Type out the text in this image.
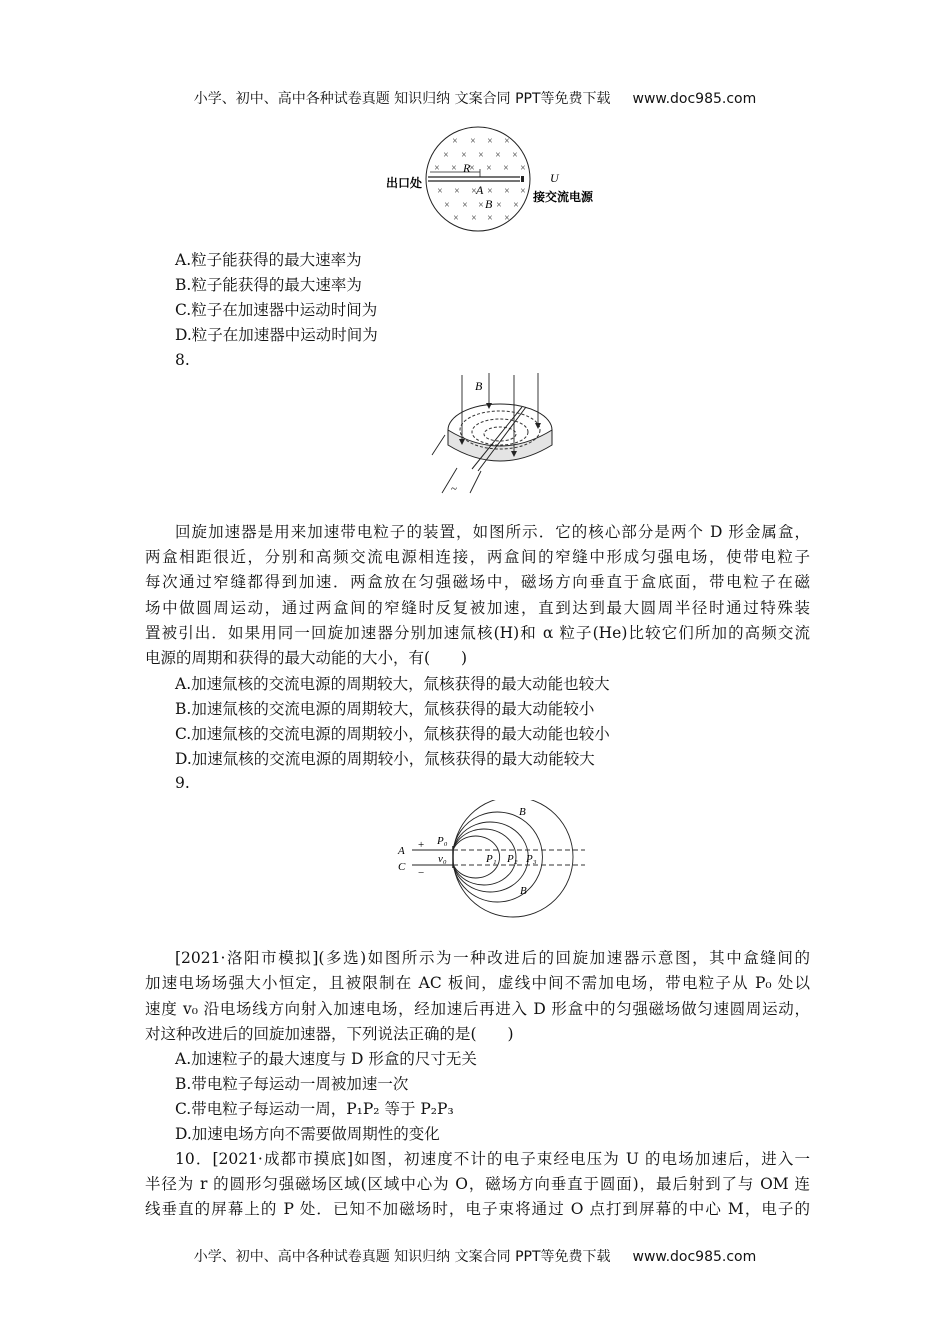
小学、初中、高中各种试卷真题 知识归纳 文案合同 PPT等免费下载 www.doc985.com
× × × ×
× × × × ×
× × × × × ×
× × × × × ×
× × × × ×
× × × ×
R
A
B
U
出口处
接交流电源
A.粒子能获得的最大速率为
B.粒子能获得的最大速率为
C.粒子在加速器中运动时间为
D.粒子在加速器中运动时间为
8.
B
~
回旋加速器是用来加速带电粒子的装置，如图所示．它的核心部分是两个 D 形金属盒，
两盒相距很近，分别和高频交流电源相连接，两盒间的窄缝中形成匀强电场，使带电粒子
每次通过窄缝都得到加速．两盒放在匀强磁场中，磁场方向垂直于盒底面，带电粒子在磁
场中做圆周运动，通过两盒间的窄缝时反复被加速，直到达到最大圆周半径时通过特殊装
置被引出．如果用同一回旋加速器分别加速氚核(H)和 α 粒子(He)比较它们所加的高频交流
电源的周期和获得的最大动能的大小，有(　　)
A.加速氚核的交流电源的周期较大，氚核获得的最大动能也较大
B.加速氚核的交流电源的周期较大，氚核获得的最大动能较小
C.加速氚核的交流电源的周期较小，氚核获得的最大动能也较小
D.加速氚核的交流电源的周期较小，氚核获得的最大动能较大
9.
A
C
P₀
v₀	P₁ P₂ P₃
B
B
+
−
[2021·洛阳市模拟](多选)如图所示为一种改进后的回旋加速器示意图，其中盒缝间的
加速电场场强大小恒定，且被限制在 AC 板间，虚线中间不需加电场，带电粒子从 P₀ 处以
速度 v₀ 沿电场线方向射入加速电场，经加速后再进入 D 形盒中的匀强磁场做匀速圆周运动，
对这种改进后的回旋加速器，下列说法正确的是(　　)
A.加速粒子的最大速度与 D 形盒的尺寸无关
B.带电粒子每运动一周被加速一次
C.带电粒子每运动一周，P₁P₂ 等于 P₂P₃
D.加速电场方向不需要做周期性的变化
10．[2021·成都市摸底]如图，初速度不计的电子束经电压为 U 的电场加速后，进入一
半径为 r 的圆形匀强磁场区域(区域中心为 O，磁场方向垂直于圆面)，最后射到了与 OM 连
线垂直的屏幕上的 P 处．已知不加磁场时，电子束将通过 O 点打到屏幕的中心 M，电子的
小学、初中、高中各种试卷真题 知识归纳 文案合同 PPT等免费下载 www.doc985.com
